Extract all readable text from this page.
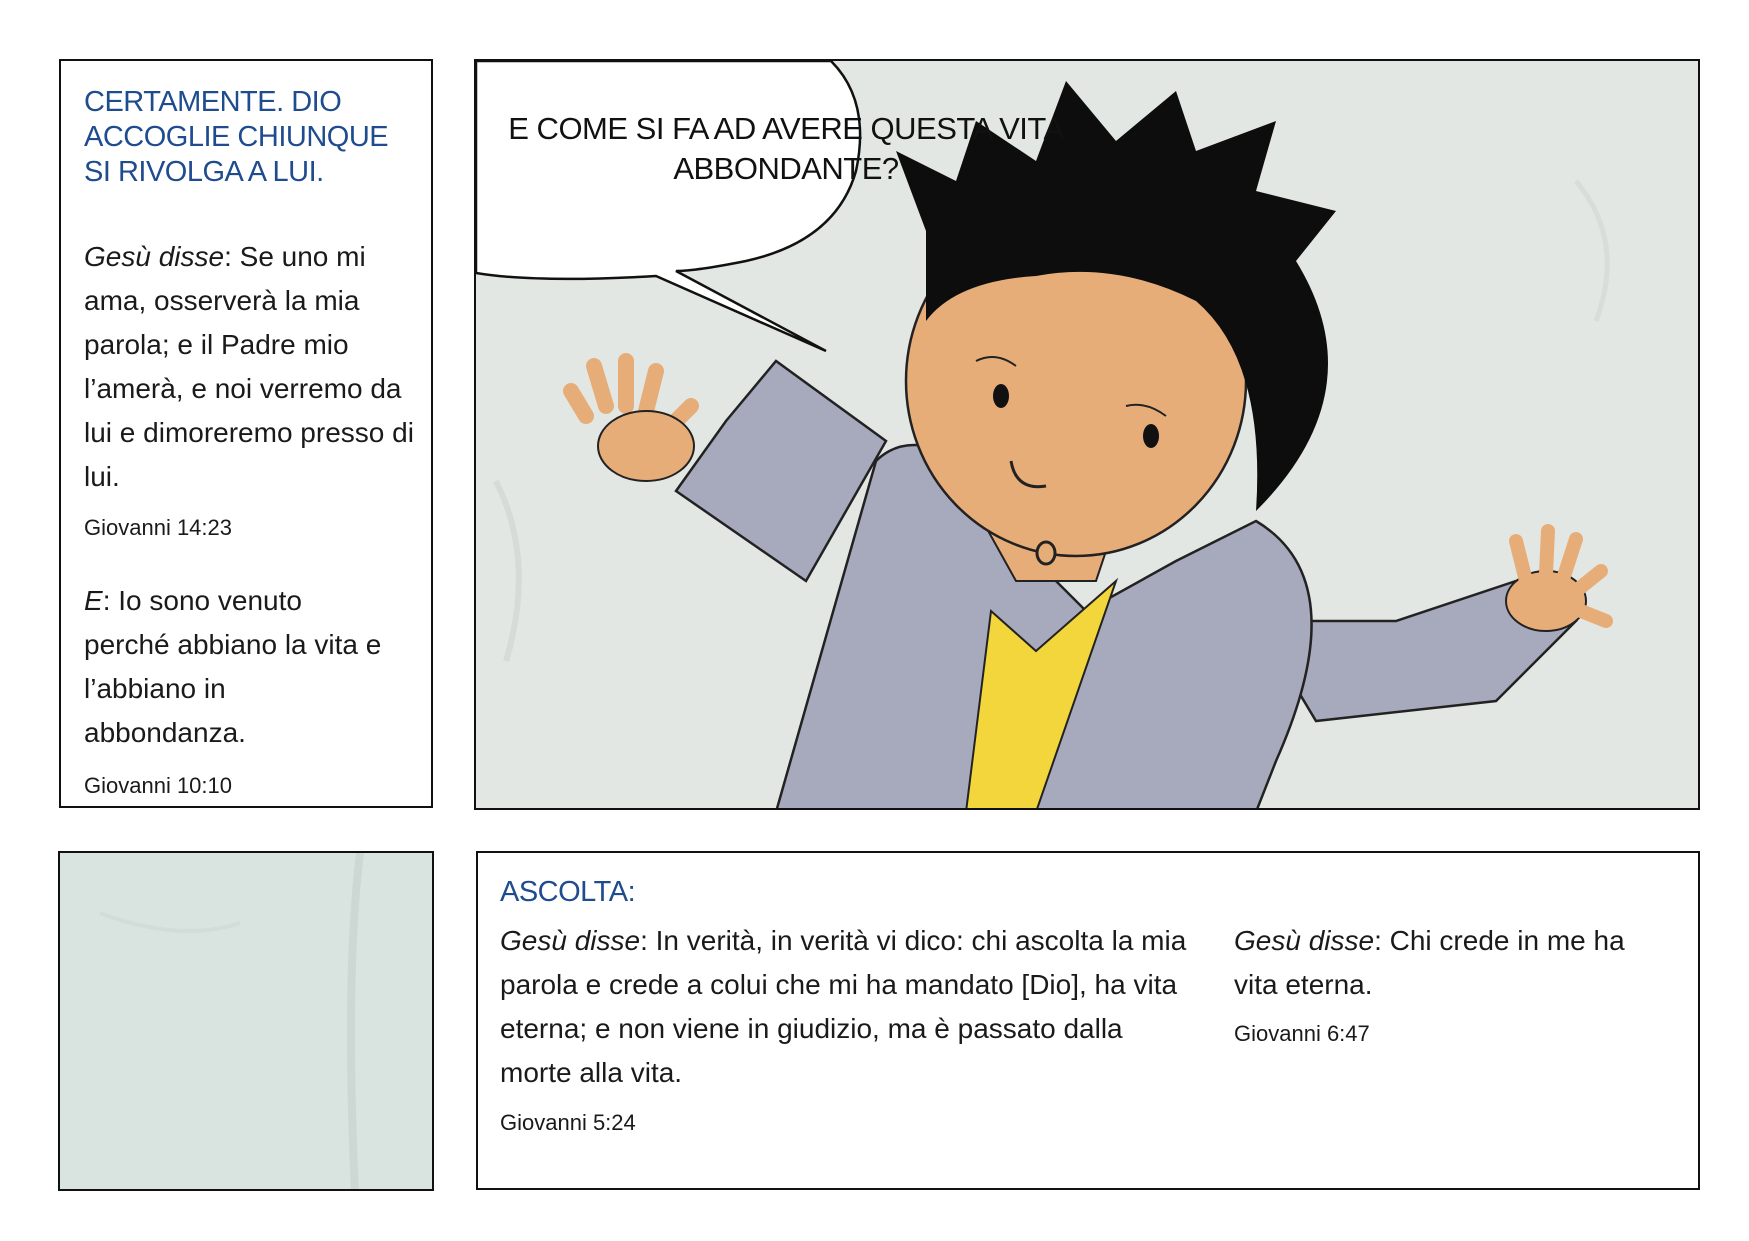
CERTAMENTE. DIO ACCOGLIE CHIUNQUE SI RIVOLGA A LUI.

Gesù disse: Se uno mi ama, osserverà la mia parola; e il Padre mio l’amerà, e noi verremo da lui e dimoreremo presso di lui.

Giovanni 14:23

E: Io sono venuto perché abbiano la vita e l’abbiano in abbondanza.

Giovanni 10:10

E COME SI FA AD AVERE QUESTA VITA ABBONDANTE?

ASCOLTA:

Gesù disse: In verità, in verità vi dico: chi ascolta la mia parola e crede a colui che mi ha mandato [Dio], ha vita eterna; e non viene in giudizio, ma è passato dalla morte alla vita.

Giovanni 5:24

Gesù disse: Chi crede in me ha vita eterna.

Giovanni 6:47
